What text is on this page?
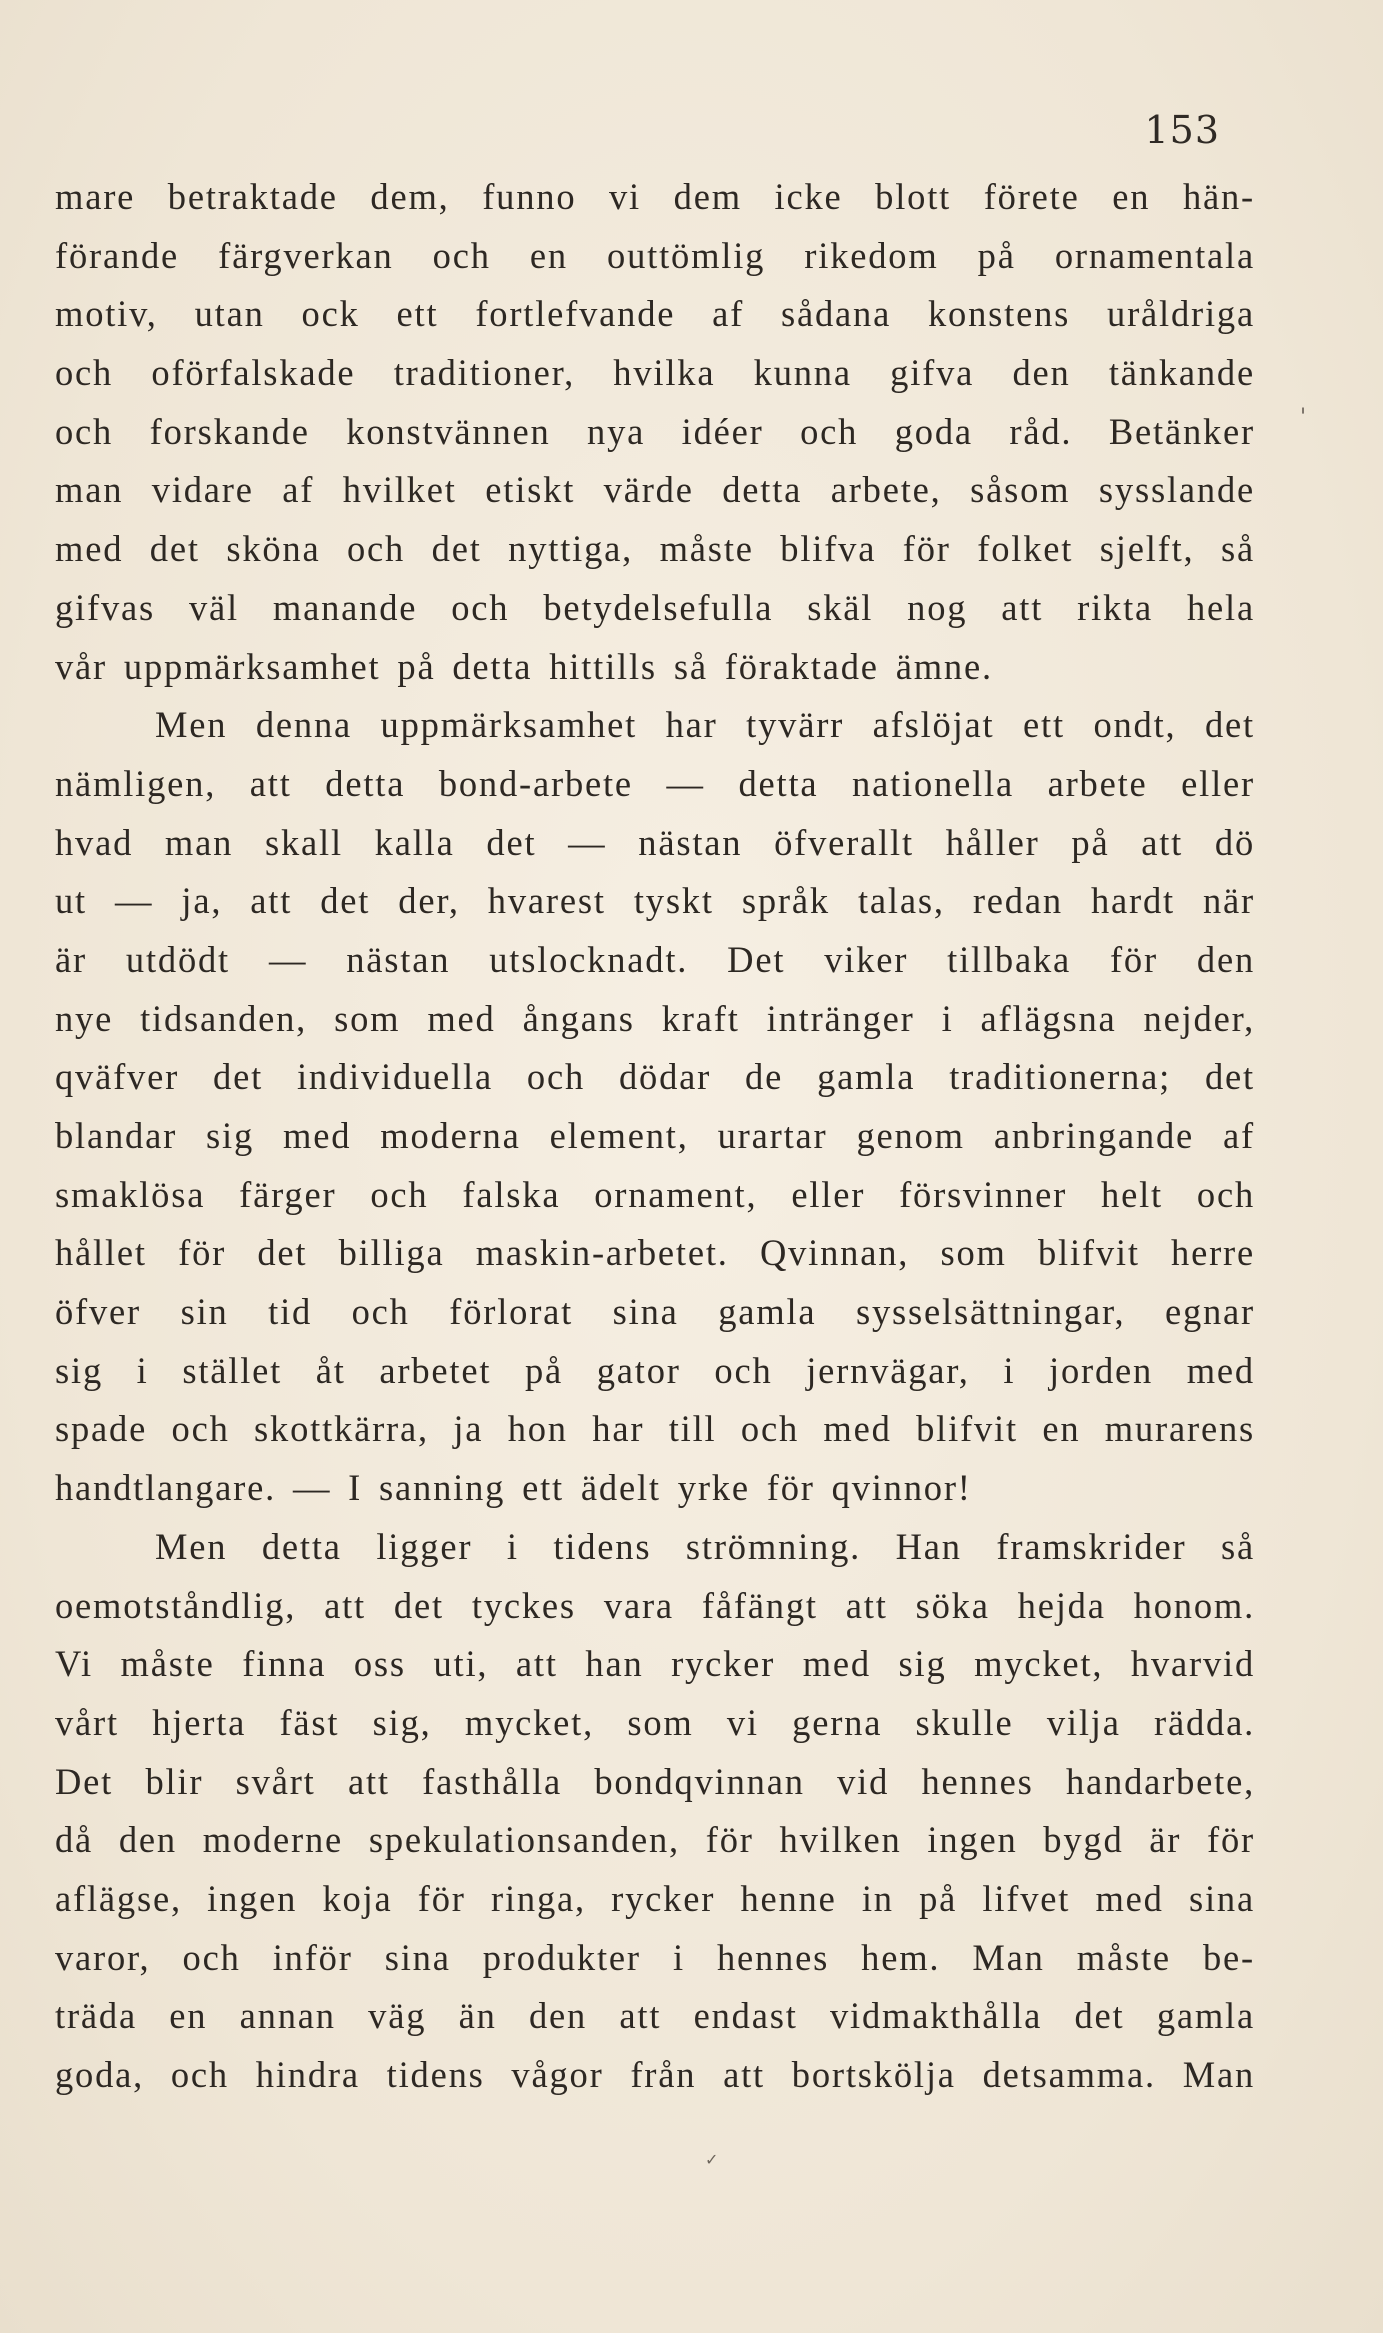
153
mare betraktade dem, funno vi dem icke blott förete en hän-
förande färgverkan och en outtömlig rikedom på ornamentala
motiv, utan ock ett fortlefvande af sådana konstens uråldriga
och oförfalskade traditioner, hvilka kunna gifva den tänkande
och forskande konstvännen nya idéer och goda råd. Betänker
man vidare af hvilket etiskt värde detta arbete, såsom sysslande
med det sköna och det nyttiga, måste blifva för folket sjelft, så
gifvas väl manande och betydelsefulla skäl nog att rikta hela
vår uppmärksamhet på detta hittills så föraktade ämne.
Men denna uppmärksamhet har tyvärr afslöjat ett ondt, det
nämligen, att detta bond-arbete — detta nationella arbete eller
hvad man skall kalla det — nästan öfverallt håller på att dö
ut — ja, att det der, hvarest tyskt språk talas, redan hardt när
är utdödt — nästan utslocknadt. Det viker tillbaka för den
nye tidsanden, som med ångans kraft intränger i aflägsna nejder,
qväfver det individuella och dödar de gamla traditionerna; det
blandar sig med moderna element, urartar genom anbringande af
smaklösa färger och falska ornament, eller försvinner helt och
hållet för det billiga maskin-arbetet. Qvinnan, som blifvit herre
öfver sin tid och förlorat sina gamla sysselsättningar, egnar
sig i stället åt arbetet på gator och jernvägar, i jorden med
spade och skottkärra, ja hon har till och med blifvit en murarens
handtlangare. — I sanning ett ädelt yrke för qvinnor!
Men detta ligger i tidens strömning. Han framskrider så
oemotståndlig, att det tyckes vara fåfängt att söka hejda honom.
Vi måste finna oss uti, att han rycker med sig mycket, hvarvid
vårt hjerta fäst sig, mycket, som vi gerna skulle vilja rädda.
Det blir svårt att fasthålla bondqvinnan vid hennes handarbete,
då den moderne spekulationsanden, för hvilken ingen bygd är för
aflägse, ingen koja för ringa, rycker henne in på lifvet med sina
varor, och inför sina produkter i hennes hem. Man måste be-
träda en annan väg än den att endast vidmakthålla det gamla
goda, och hindra tidens vågor från att bortskölja detsamma. Man
'
✓
